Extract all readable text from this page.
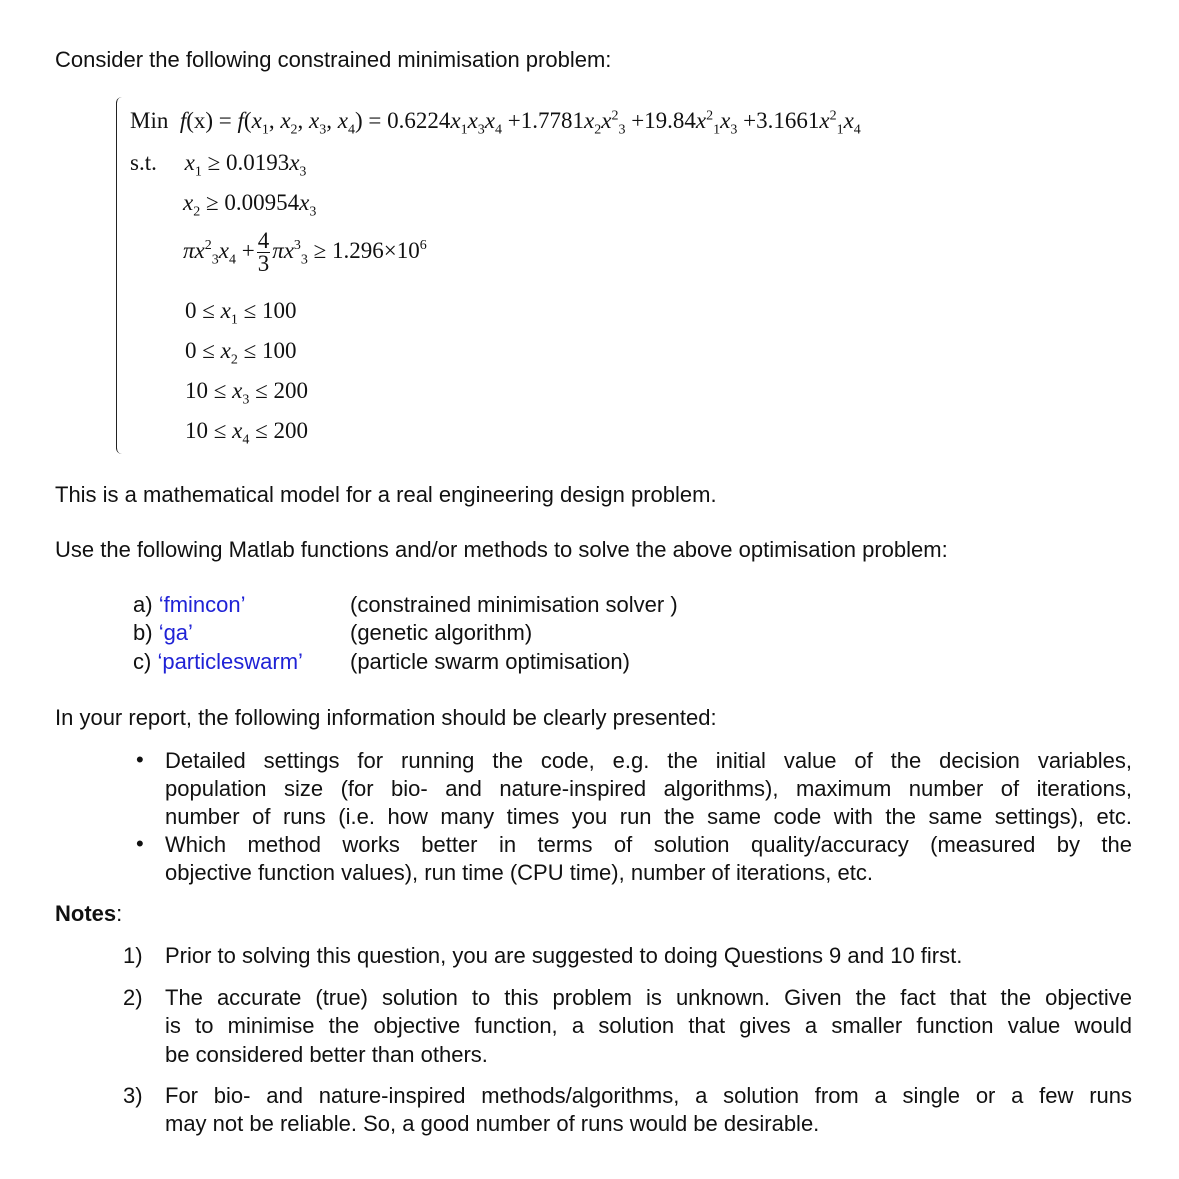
Consider the following constrained minimisation problem:
Min  $f(x) = f(x_1$, $x_2$, $x_3$, $x_4) = 0.6224x_1x_3x_4 +1.7781x_2x^2_3 +19.84x^2_1x_3 +3.1661x^2_1x_4$
s.t. $x_1 \ge 0.0193x_3$
$x_2 \ge 0.00954x_3$
$\pi x^2_3x_4 + \frac{4}{3} \pi x^3_3 \ge 1.296\times 10^6$
$0 \le x_1 \le 100$
$0 \le x_2 \le 100$
$10 \le x_3 \le 200$
$10 \le x_4 \le 200$
This is a mathematical model for a real engineering design problem.
Use the following Matlab functions and/or methods to solve the above optimisation problem:
a) ‘fmincon’	(constrained minimisation solver )
b) ‘ga’	(genetic algorithm)
c) ‘particleswarm’ (particle swarm optimisation)
In your report, the following information should be clearly presented:
• Detailed settings for running the code, e.g. the initial value of the decision variables,
population size (for bio- and nature-inspired algorithms), maximum number of iterations,
number of runs (i.e. how many times you run the same code with the same settings), etc.
• Which method works better in terms of solution quality/accuracy (measured by the
objective function values), run time (CPU time), number of iterations, etc.
Notes:
1) Prior to solving this question, you are suggested to doing Questions 9 and 10 first.
2) The accurate (true) solution to this problem is unknown. Given the fact that the objective
is to minimise the objective function, a solution that gives a smaller function value would
be considered better than others.
3) For bio- and nature-inspired methods/algorithms, a solution from a single or a few runs
may not be reliable. So, a good number of runs would be desirable.
